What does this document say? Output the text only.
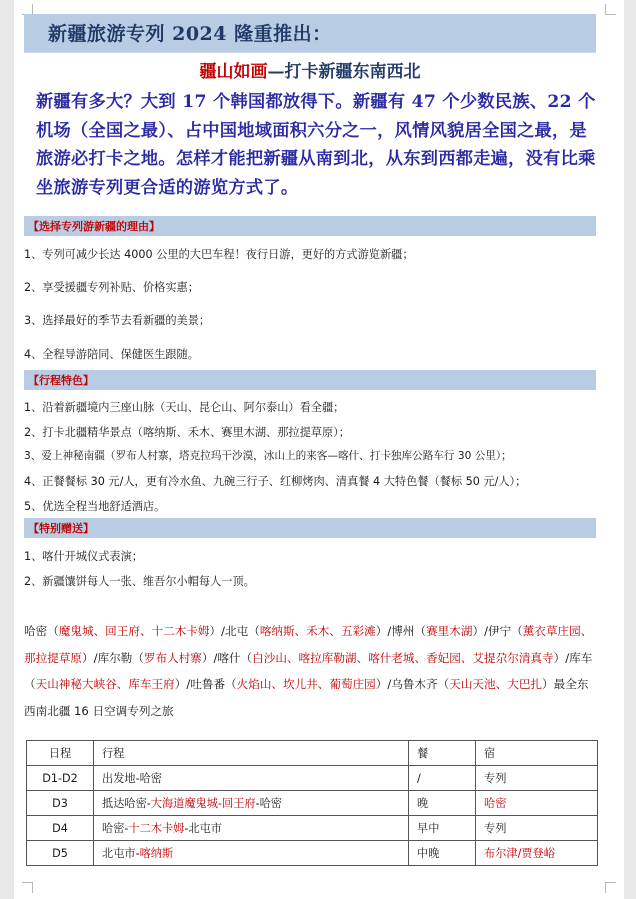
新疆旅游专列 2024 隆重推出：
疆山如画—打卡新疆东南西北
新疆有多大？大到 17 个韩国都放得下。新疆有 47 个少数民族、22 个机场（全国之最）、占中国地域面积六分之一，风情风貌居全国之最，是旅游必打卡之地。怎样才能把新疆从南到北，从东到西都走遍，没有比乘坐旅游专列更合适的游览方式了。
【选择专列游新疆的理由】
1、专列可减少长达 4000 公里的大巴车程！夜行日游，更好的方式游览新疆；
2、享受援疆专列补贴、价格实惠；
3、选择最好的季节去看新疆的美景；
4、全程导游陪同、保健医生跟随。
【行程特色】
1、沿着新疆境内三座山脉（天山、昆仑山、阿尔泰山）看全疆；
2、打卡北疆精华景点（喀纳斯、禾木、赛里木湖、那拉提草原）；
3、爱上神秘南疆（罗布人村寨，塔克拉玛干沙漠，冰山上的来客—喀什、打卡独库公路车行 30 公里）；
4、正餐餐标 30 元/人，更有冷水鱼、九碗三行子、红柳烤肉、清真餐 4 大特色餐（餐标 50 元/人）；
5、优选全程当地舒适酒店。
【特别赠送】
1、喀什开城仪式表演；
2、新疆馕饼每人一张、维吾尔小帽每人一顶。
哈密（魔鬼城、回王府、十二木卡姆）/北屯（喀纳斯、禾木、五彩滩）/博州（赛里木湖）/伊宁（薰衣草庄园、那拉提草原）/库尔勒（罗布人村寨）/喀什（白沙山、喀拉库勒湖、喀什老城、香妃园、艾提尕尔清真寺）/库车（天山神秘大峡谷、库车王府）/吐鲁番（火焰山、坎儿井、葡萄庄园）/乌鲁木齐（天山天池、大巴扎）最全东西南北疆 16 日空调专列之旅
日程	行程	餐	宿
D1-D2	出发地-哈密	/	专列
D3	抵达哈密-大海道魔鬼城-回王府-哈密	晚	哈密
D4	哈密-十二木卡姆-北屯市	早中	专列
D5	北屯市-喀纳斯	中晚	布尔津/贾登峪
